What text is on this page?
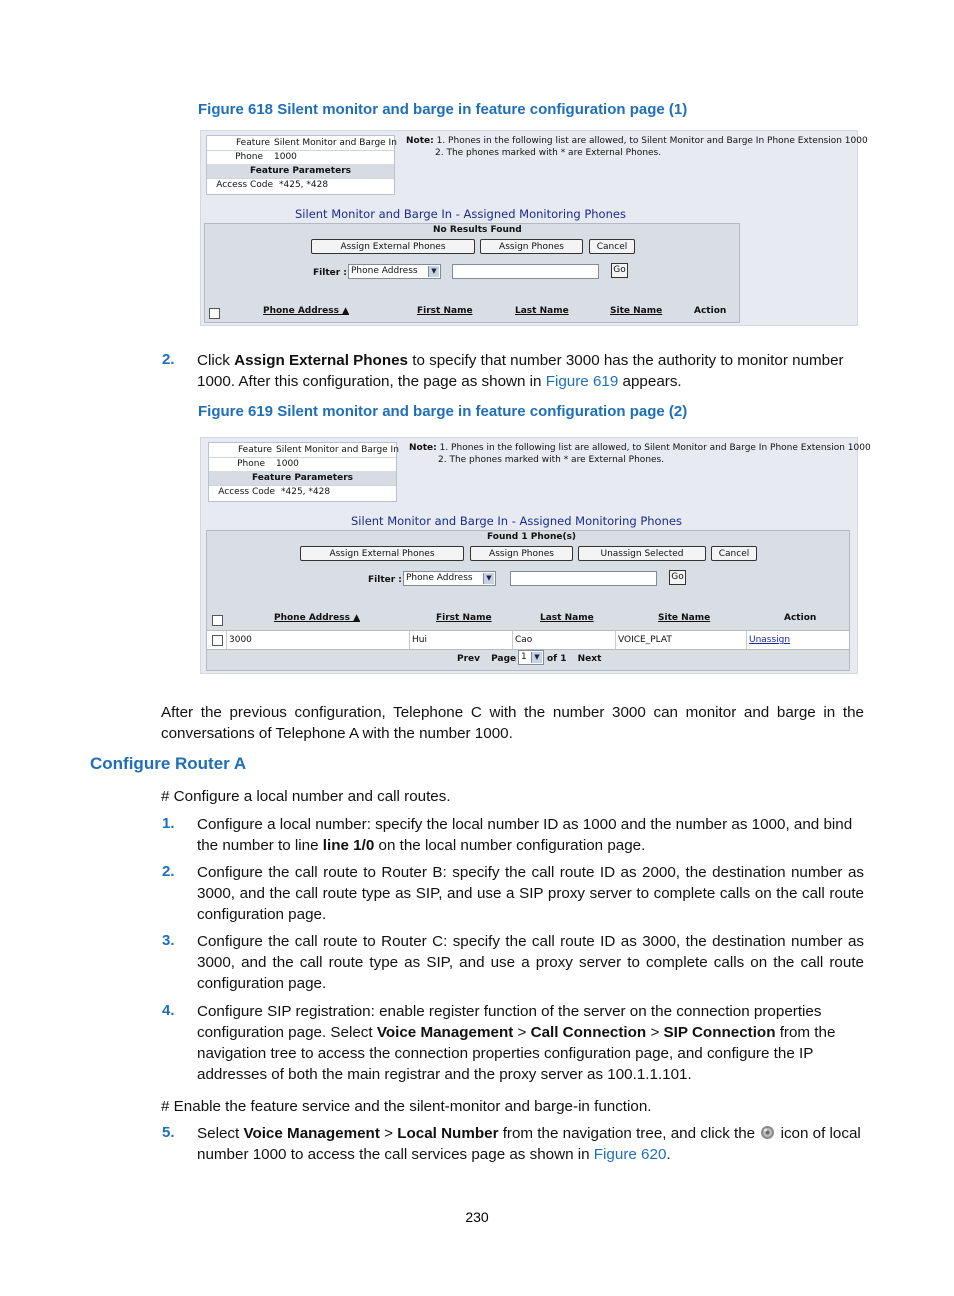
Figure 618 Silent monitor and barge in feature configuration page (1)
Feature Silent Monitor and Barge In
Phone 1000
Feature Parameters
Access Code *425, *428
Note: 1. Phones in the following list are allowed, to Silent Monitor and Barge In Phone Extension 1000
2. The phones marked with * are External Phones.
Silent Monitor and Barge In - Assigned Monitoring Phones
No Results Found
Assign External Phones	Assign Phones	Cancel
Filter : Phone Address	▼	Go
Phone Address ▲	First Name	Last Name	Site Name	Action
2. Click Assign External Phones to specify that number 3000 has the authority to monitor number 1000. After this configuration, the page as shown in Figure 619 appears.
Figure 619 Silent monitor and barge in feature configuration page (2)
Feature Silent Monitor and Barge In
Phone 1000
Feature Parameters
Access Code *425, *428
Note: 1. Phones in the following list are allowed, to Silent Monitor and Barge In Phone Extension 1000
2. The phones marked with * are External Phones.
Silent Monitor and Barge In - Assigned Monitoring Phones
Found 1 Phone(s)
Assign External Phones	Assign Phones	Unassign Selected	Cancel
Filter : Phone Address	▼	Go
Phone Address ▲	First Name	Last Name	Site Name	Action
3000	Hui	Cao	VOICE_PLAT	Unassign
Prev Page 1	▼ of 1 Next
After the previous configuration, Telephone C with the number 3000 can monitor and barge in the conversations of Telephone A with the number 1000.
Configure Router A
# Configure a local number and call routes.
1. Configure a local number: specify the local number ID as 1000 and the number as 1000, and bind the number to line line 1/0 on the local number configuration page.
2. Configure the call route to Router B: specify the call route ID as 2000, the destination number as 3000, and the call route type as SIP, and use a SIP proxy server to complete calls on the call route configuration page.
3. Configure the call route to Router C: specify the call route ID as 3000, the destination number as 3000, and the call route type as SIP, and use a proxy server to complete calls on the call route configuration page.
4. Configure SIP registration: enable register function of the server on the connection properties configuration page. Select Voice Management > Call Connection > SIP Connection from the navigation tree to access the connection properties configuration page, and configure the IP addresses of both the main registrar and the proxy server as 100.1.1.101.
# Enable the feature service and the silent-monitor and barge-in function.
5. Select Voice Management > Local Number from the navigation tree, and click the  icon of local number 1000 to access the call services page as shown in Figure 620.
230
